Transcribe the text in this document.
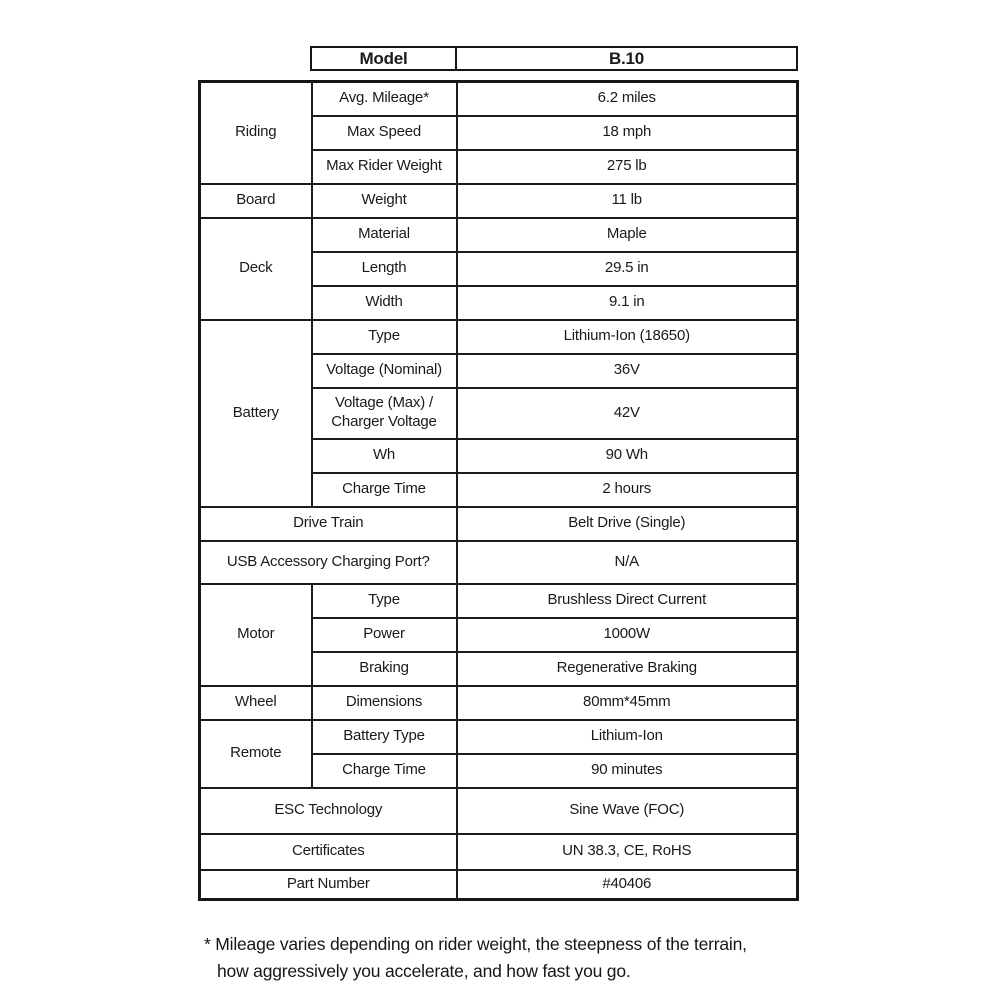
Model	B.10
Riding	Avg. Mileage*	6.2 miles
	Max Speed	18 mph
	Max Rider Weight	275 lb
Board	Weight	11 lb
Deck	Material	Maple
	Length	29.5 in
	Width	9.1 in
Battery	Type	Lithium-Ion (18650)
	Voltage (Nominal)	36V
	Voltage (Max) / Charger Voltage	42V
	Wh	90 Wh
	Charge Time	2 hours
Drive Train		Belt Drive (Single)
USB Accessory Charging Port?		N/A
Motor	Type	Brushless Direct Current
	Power	1000W
	Braking	Regenerative Braking
Wheel	Dimensions	80mm*45mm
Remote	Battery Type	Lithium-Ion
	Charge Time	90 minutes
ESC Technology		Sine Wave (FOC)
Certificates		UN 38.3, CE, RoHS
Part Number		#40406
* Mileage varies depending on rider weight, the steepness of the terrain,
how aggressively you accelerate, and how fast you go.
